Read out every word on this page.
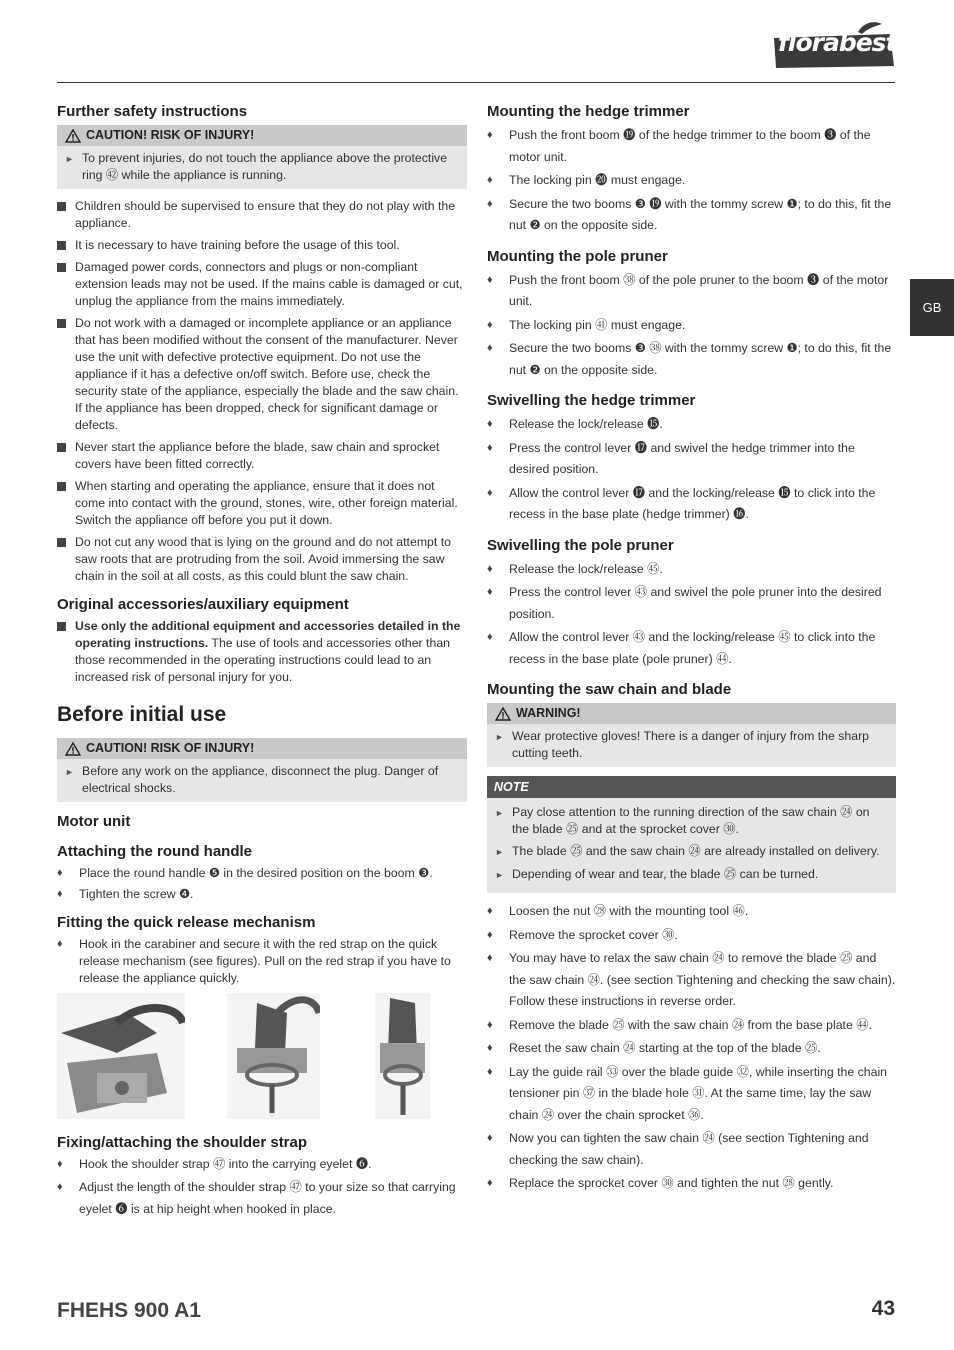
florabest
GB
Further safety instructions
CAUTION! RISK OF INJURY!
► To prevent injuries, do not touch the appliance above the protective ring ㊷ while the appliance is running.
Children should be supervised to ensure that they do not play with the appliance.
It is necessary to have training before the usage of this tool.
Damaged power cords, connectors and plugs or non-compliant extension leads may not be used. If the mains cable is damaged or cut, unplug the appliance from the mains immediately.
Do not work with a damaged or incomplete appliance or an appliance that has been modified without the consent of the manufacturer. Never use the unit with defective protective equipment. Do not use the appliance if it has a defective on/off switch. Before use, check the security state of the appliance, especially the blade and the saw chain. If the appliance has been dropped, check for significant damage or defects.
Never start the appliance before the blade, saw chain and sprocket covers have been fitted correctly.
When starting and operating the appliance, ensure that it does not come into contact with the ground, stones, wire, other foreign material. Switch the appliance off before you put it down.
Do not cut any wood that is lying on the ground and do not attempt to saw roots that are protruding from the soil. Avoid immersing the saw chain in the soil at all costs, as this could blunt the saw chain.
Original accessories/auxiliary equipment
Use only the additional equipment and accessories detailed in the operating instructions. The use of tools and accessories other than those recommended in the operating instructions could lead to an increased risk of personal injury for you.
Before initial use
CAUTION! RISK OF INJURY!
► Before any work on the appliance, disconnect the plug. Danger of electrical shocks.
Motor unit
Attaching the round handle
♦	Place the round handle ❺ in the desired position on the boom ❸.
♦	Tighten the screw ❹.
Fitting the quick release mechanism
♦	Hook in the carabiner and secure it with the red strap on the quick release mechanism (see figures). Pull on the red strap if you have to release the appliance quickly.
Fixing/attaching the shoulder strap
♦	Hook the shoulder strap ㊼ into the carrying eyelet ❻.
♦	Adjust the length of the shoulder strap ㊼ to your size so that carrying eyelet ❻ is at hip height when hooked in place.
Mounting the hedge trimmer
♦	Push the front boom ⓳ of the hedge trimmer to the boom ❸ of the motor unit.
♦	The locking pin ⓴ must engage.
♦	Secure the two booms ❸ ⓳ with the tommy screw ❶; to do this, fit the nut ❷ on the opposite side.
Mounting the pole pruner
♦	Push the front boom ㊳ of the pole pruner to the boom ❸ of the motor unit.
♦	The locking pin ㊶ must engage.
♦	Secure the two booms ❸ ㊳ with the tommy screw ❶; to do this, fit the nut ❷ on the opposite side.
Swivelling the hedge trimmer
♦	Release the lock/release ⓯.
♦	Press the control lever ⓱ and swivel the hedge trimmer into the desired position.
♦	Allow the control lever ⓱ and the locking/release ⓯ to click into the recess in the base plate (hedge trimmer) ⓰.
Swivelling the pole pruner
♦	Release the lock/release ㊺.
♦	Press the control lever ㊸ and swivel the pole pruner into the desired position.
♦	Allow the control lever ㊸ and the locking/release ㊺ to click into the recess in the base plate (pole pruner) ㊹.
Mounting the saw chain and blade
WARNING!
► Wear protective gloves! There is a danger of injury from the sharp cutting teeth.
NOTE
► Pay close attention to the running direction of the saw chain ㉔ on the blade ㉕ and at the sprocket cover ㉚.
► The blade ㉕ and the saw chain ㉔ are already installed on delivery.
► Depending of wear and tear, the blade ㉕ can be turned.
♦	Loosen the nut ㉘ with the mounting tool ㊻.
♦	Remove the sprocket cover ㉚.
♦	You may have to relax the saw chain ㉔ to remove the blade ㉕ and the saw chain ㉔. (see section Tightening and checking the saw chain). Follow these instructions in reverse order.
♦	Remove the blade ㉕ with the saw chain ㉔ from the base plate ㊹.
♦	Reset the saw chain ㉔ starting at the top of the blade ㉕.
♦	Lay the guide rail ㉝ over the blade guide ㉜, while inserting the chain tensioner pin ㊲ in the blade hole ㉛. At the same time, lay the saw chain ㉔ over the chain sprocket ㊱.
♦	Now you can tighten the saw chain ㉔ (see section Tightening and checking the saw chain).
♦	Replace the sprocket cover ㉚ and tighten the nut ㉘ gently.
FHEHS 900 A1	43
